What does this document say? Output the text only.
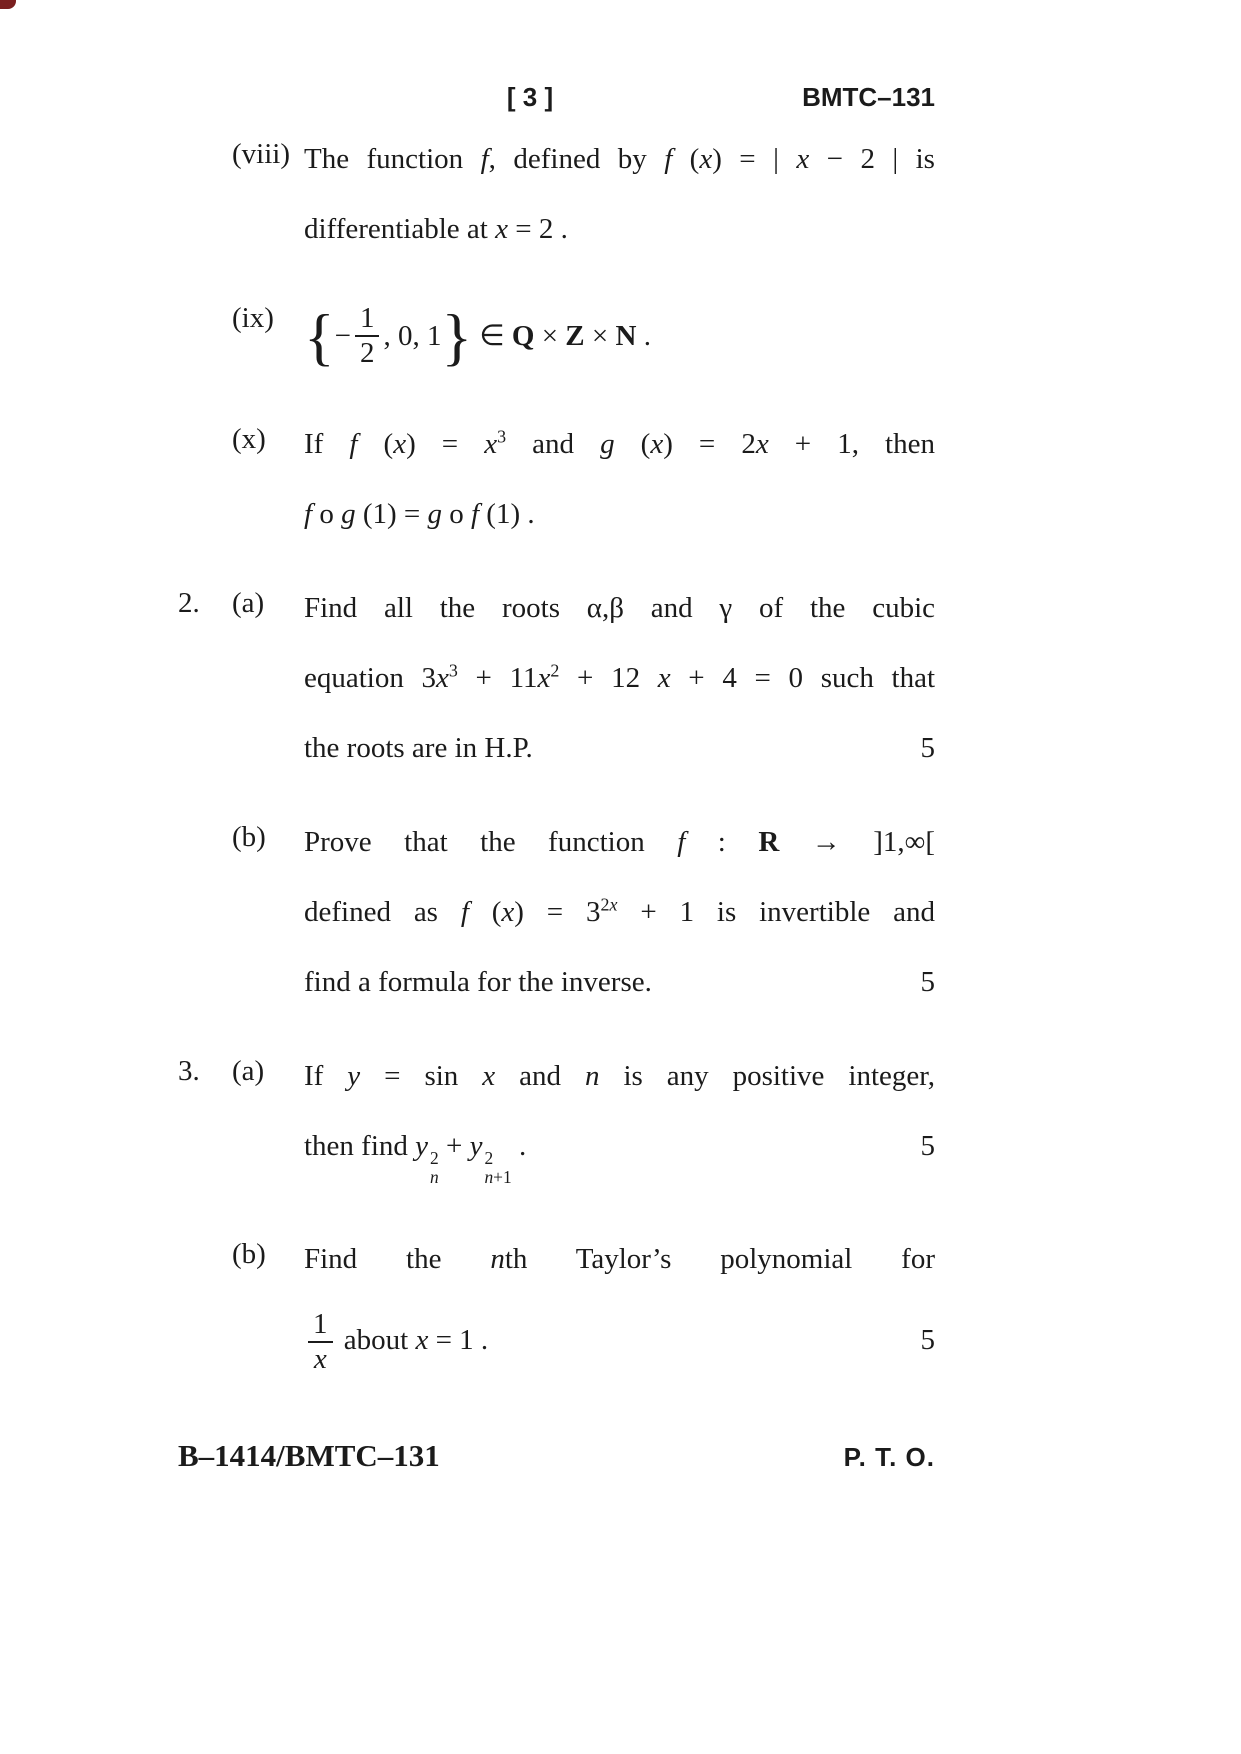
[ 3 ]	BMTC–131
(viii) The function f, defined by f (x) = | x − 2 | is
differentiable at x = 2 .
(ix) { − $\frac{1}{2}$ , 0, 1 } ∈ Q × Z × N .
(x)	If f $(x) = x^3$ and g (x) = 2x + 1, then
f o g (1) = g o f (1) .
2.	(a)	Find all the roots α,β and γ of the cubic
equation $3x^3 + 11x^2 + 12$ x + 4 = 0 such that
the roots are in H.P.	5
(b)	Prove that the function f : R → ]1,∞[
defined as f $(x) = 3^{2x} + 1$ is invertible and
find a formula for the inverse.	5
3.	(a)	If y = sin x and n is any positive integer,
then find y 2
n
+ y 2
n+1
.	5
(b)	Find the nth Taylor’s polynomial for
$\frac{1}{x}$ about x = 1 .	5
B–1414/BMTC–131	P. T. O.
